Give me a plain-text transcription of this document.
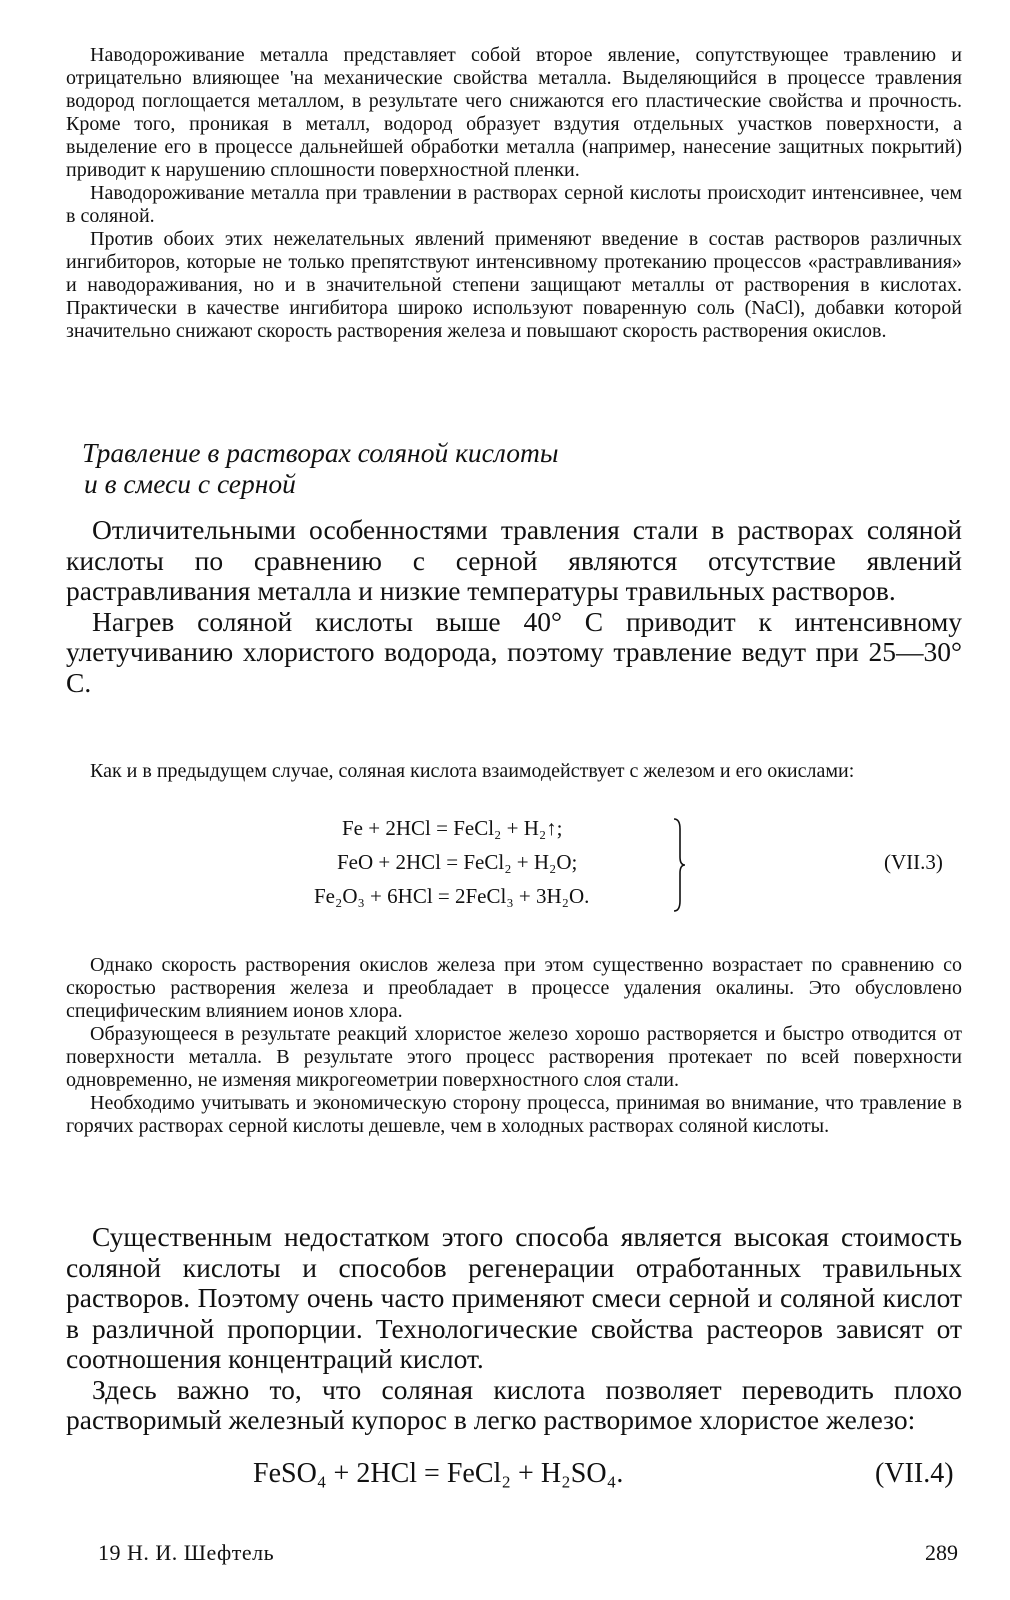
Наводороживание металла представляет собой второе явление, сопутствующее травлению и отрицательно влияющее 'на механические свойства металла. Выделяющийся в процессе травления водород поглощается металлом, в результате чего снижаются его пластические свойства и прочность. Кроме того, проникая в металл, водород образует вздутия отдельных участков поверхности, а выделение его в процессе дальнейшей обработки металла (например, нанесение защитных покрытий) приводит к нарушению сплошности поверхностной пленки.

Наводороживание металла при травлении в растворах серной кислоты происходит интенсивнее, чем в соляной.

Против обоих этих нежелательных явлений применяют введение в состав растворов различных ингибиторов, которые не только препятствуют интенсивному протеканию процессов «растравливания» и наводораживания, но и в значительной степени защищают металлы от растворения в кислотах. Практически в качестве ингибитора широко используют поваренную соль (NaCl), добавки которой значительно снижают скорость растворения железа и повышают скорость растворения окислов.

Травление в растворах соляной кислоты
и в смеси с серной

Отличительными особенностями травления стали в растворах соляной кислоты по сравнению с серной являются отсутствие явлений растравливания металла и низкие температуры травильных растворов.

Нагрев соляной кислоты выше 40° С приводит к интенсивному улетучиванию хлористого водорода, поэтому травление ведут при 25—30° С.

Как и в предыдущем случае, соляная кислота взаимодействует с железом и его окислами:

Fe + 2HCl = FeCl₂ + H₂↑;
FeO + 2HCl = FeCl₂ + H₂O;
Fe₂O₃ + 6HCl = 2FeCl₃ + 3H₂O.
(VII.3)

Однако скорость растворения окислов железа при этом существенно возрастает по сравнению со скоростью растворения железа и преобладает в процессе удаления окалины. Это обусловлено специфическим влиянием ионов хлора.

Образующееся в результате реакций хлористое железо хорошо растворяется и быстро отводится от поверхности металла. В результате этого процесс растворения протекает по всей поверхности одновременно, не изменяя микрогеометрии поверхностного слоя стали.

Необходимо учитывать и экономическую сторону процесса, принимая во внимание, что травление в горячих растворах серной кислоты дешевле, чем в холодных растворах соляной кислоты.

Существенным недостатком этого способа является высокая стоимость соляной кислоты и способов регенерации отработанных травильных растворов. Поэтому очень часто применяют смеси серной и соляной кислот в различной пропорции. Технологические свойства растеоров зависят от соотношения концентраций кислот.

Здесь важно то, что соляная кислота позволяет переводить плохо растворимый железный купорос в легко растворимое хлористое железо:

FeSO₄ + 2HCl = FeCl₂ + H₂SO₄.	(VII.4)
19 Н. И. Шефтель	289
